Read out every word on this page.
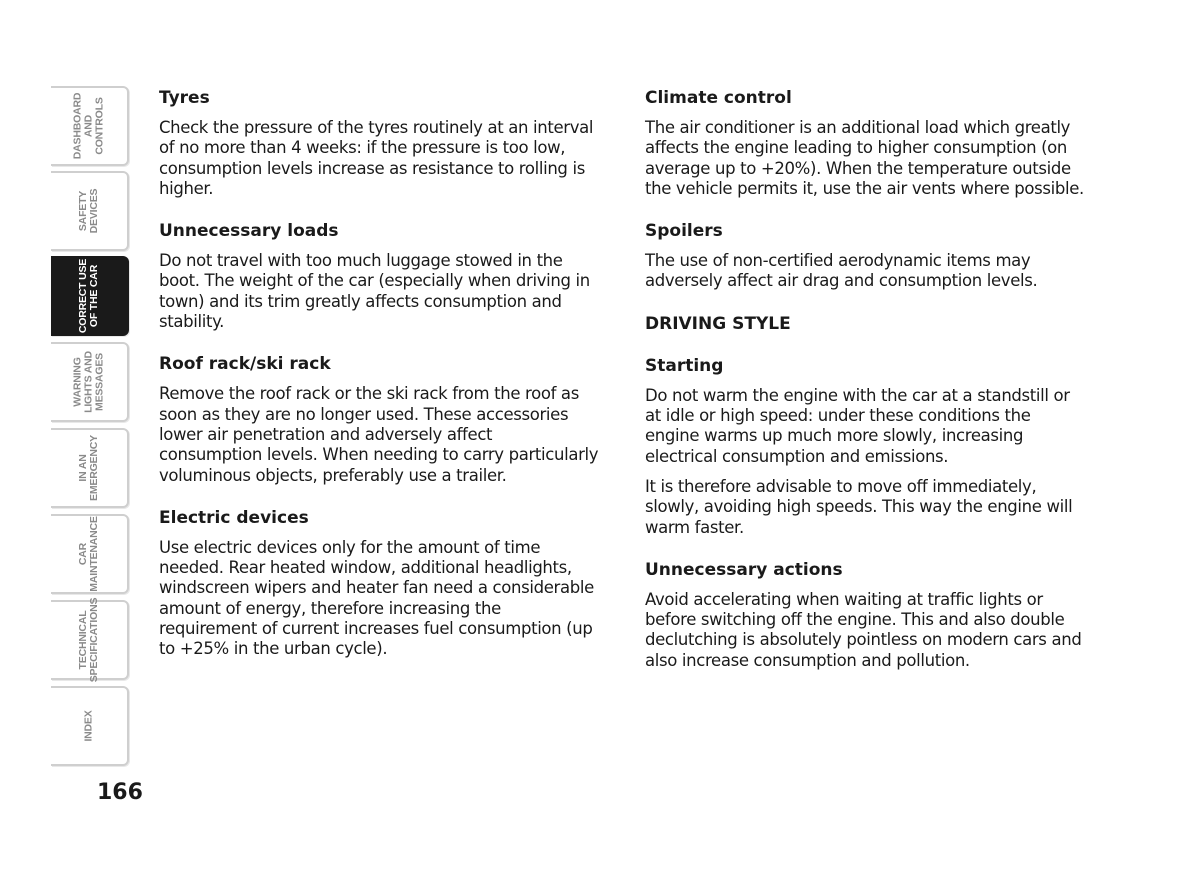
DASHBOARD
AND
CONTROLS
SAFETY
DEVICES
CORRECT USE
OF THE CAR
WARNING
LIGHTS AND
MESSAGES
IN AN
EMERGENCY
CAR
MAINTENANCE
TECHNICAL
SPECIFICATIONS
INDEX
166
Tyres
Check the pressure of the tyres routinely at an interval of no more than 4 weeks: if the pressure is too low, consumption levels increase as resistance to rolling is higher.
Unnecessary loads
Do not travel with too much luggage stowed in the boot. The weight of the car (especially when driving in town) and its trim greatly affects consumption and stability.
Roof rack/ski rack
Remove the roof rack or the ski rack from the roof as soon as they are no longer used. These accessories lower air penetration and adversely affect consumption levels. When needing to carry particularly voluminous objects, preferably use a trailer.
Electric devices
Use electric devices only for the amount of time needed. Rear heated window, additional headlights, windscreen wipers and heater fan need a considerable amount of energy, therefore increasing the requirement of current increases fuel consumption (up to +25% in the urban cycle).
Climate control
The air conditioner is an additional load which greatly affects the engine leading to higher consumption (on average up to +20%). When the temperature outside the vehicle permits it, use the air vents where possible.
Spoilers
The use of non-certified aerodynamic items may adversely affect air drag and consumption levels.
DRIVING STYLE
Starting
Do not warm the engine with the car at a standstill or at idle or high speed: under these conditions the engine warms up much more slowly, increasing electrical consumption and emissions.
It is therefore advisable to move off immediately, slowly, avoiding high speeds. This way the engine will warm faster.
Unnecessary actions
Avoid accelerating when waiting at traffic lights or before switching off the engine. This and also double declutching is absolutely pointless on modern cars and also increase consumption and pollution.
